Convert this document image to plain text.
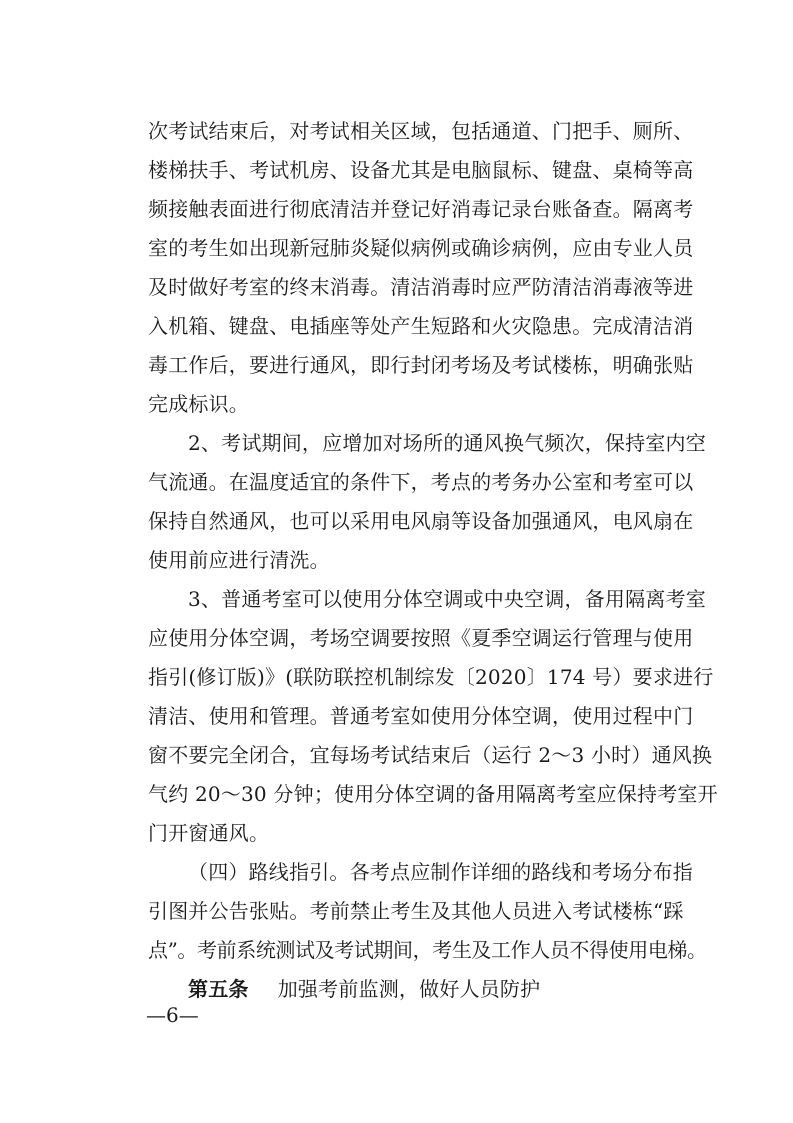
次考试结束后，对考试相关区域，包括通道、门把手、厕所、
楼梯扶手、考试机房、设备尤其是电脑鼠标、键盘、桌椅等高
频接触表面进行彻底清洁并登记好消毒记录台账备查。隔离考
室的考生如出现新冠肺炎疑似病例或确诊病例，应由专业人员
及时做好考室的终末消毒。清洁消毒时应严防清洁消毒液等进
入机箱、键盘、电插座等处产生短路和火灾隐患。完成清洁消
毒工作后，要进行通风，即行封闭考场及考试楼栋，明确张贴
完成标识。
2、考试期间，应增加对场所的通风换气频次，保持室内空
气流通。在温度适宜的条件下，考点的考务办公室和考室可以
保持自然通风，也可以采用电风扇等设备加强通风，电风扇在
使用前应进行清洗。
3、普通考室可以使用分体空调或中央空调，备用隔离考室
应使用分体空调，考场空调要按照《夏季空调运行管理与使用
指引(修订版)》(联防联控机制综发〔2020〕174 号）要求进行
清洁、使用和管理。普通考室如使用分体空调，使用过程中门
窗不要完全闭合，宜每场考试结束后（运行 2～3 小时）通风换
气约 20～30 分钟；使用分体空调的备用隔离考室应保持考室开
门开窗通风。
（四）路线指引。各考点应制作详细的路线和考场分布指
引图并公告张贴。考前禁止考生及其他人员进入考试楼栋“踩
点”。考前系统测试及考试期间，考生及工作人员不得使用电梯。
第五条 加强考前监测，做好人员防护
—6—
